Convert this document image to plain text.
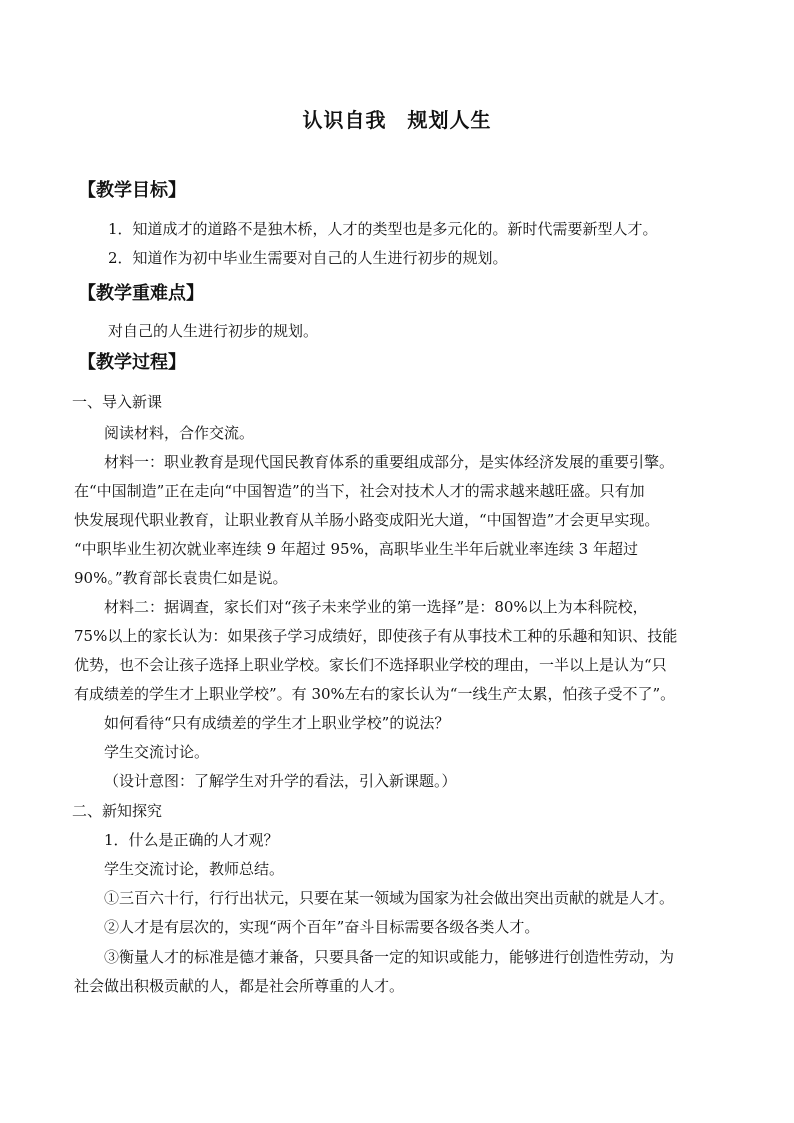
认识自我　规划人生
【教学目标】
1．知道成才的道路不是独木桥，人才的类型也是多元化的。新时代需要新型人才。
2．知道作为初中毕业生需要对自己的人生进行初步的规划。
【教学重难点】
对自己的人生进行初步的规划。
【教学过程】
一、导入新课
阅读材料，合作交流。
材料一：职业教育是现代国民教育体系的重要组成部分，是实体经济发展的重要引擎。
在“中国制造”正在走向“中国智造”的当下，社会对技术人才的需求越来越旺盛。只有加
快发展现代职业教育，让职业教育从羊肠小路变成阳光大道，“中国智造”才会更早实现。
“中职毕业生初次就业率连续 9 年超过 95%，高职毕业生半年后就业率连续 3 年超过
90%。”教育部长袁贵仁如是说。
材料二：据调查，家长们对“孩子未来学业的第一选择”是：80%以上为本科院校，
75%以上的家长认为：如果孩子学习成绩好，即使孩子有从事技术工种的乐趣和知识、技能
优势，也不会让孩子选择上职业学校。家长们不选择职业学校的理由，一半以上是认为“只
有成绩差的学生才上职业学校”。有 30%左右的家长认为“一线生产太累，怕孩子受不了”。
如何看待“只有成绩差的学生才上职业学校”的说法？
学生交流讨论。
（设计意图：了解学生对升学的看法，引入新课题。）
二、新知探究
1．什么是正确的人才观？
学生交流讨论，教师总结。
①三百六十行，行行出状元，只要在某一领域为国家为社会做出突出贡献的就是人才。
②人才是有层次的，实现“两个百年”奋斗目标需要各级各类人才。
③衡量人才的标准是德才兼备，只要具备一定的知识或能力，能够进行创造性劳动，为
社会做出积极贡献的人，都是社会所尊重的人才。
